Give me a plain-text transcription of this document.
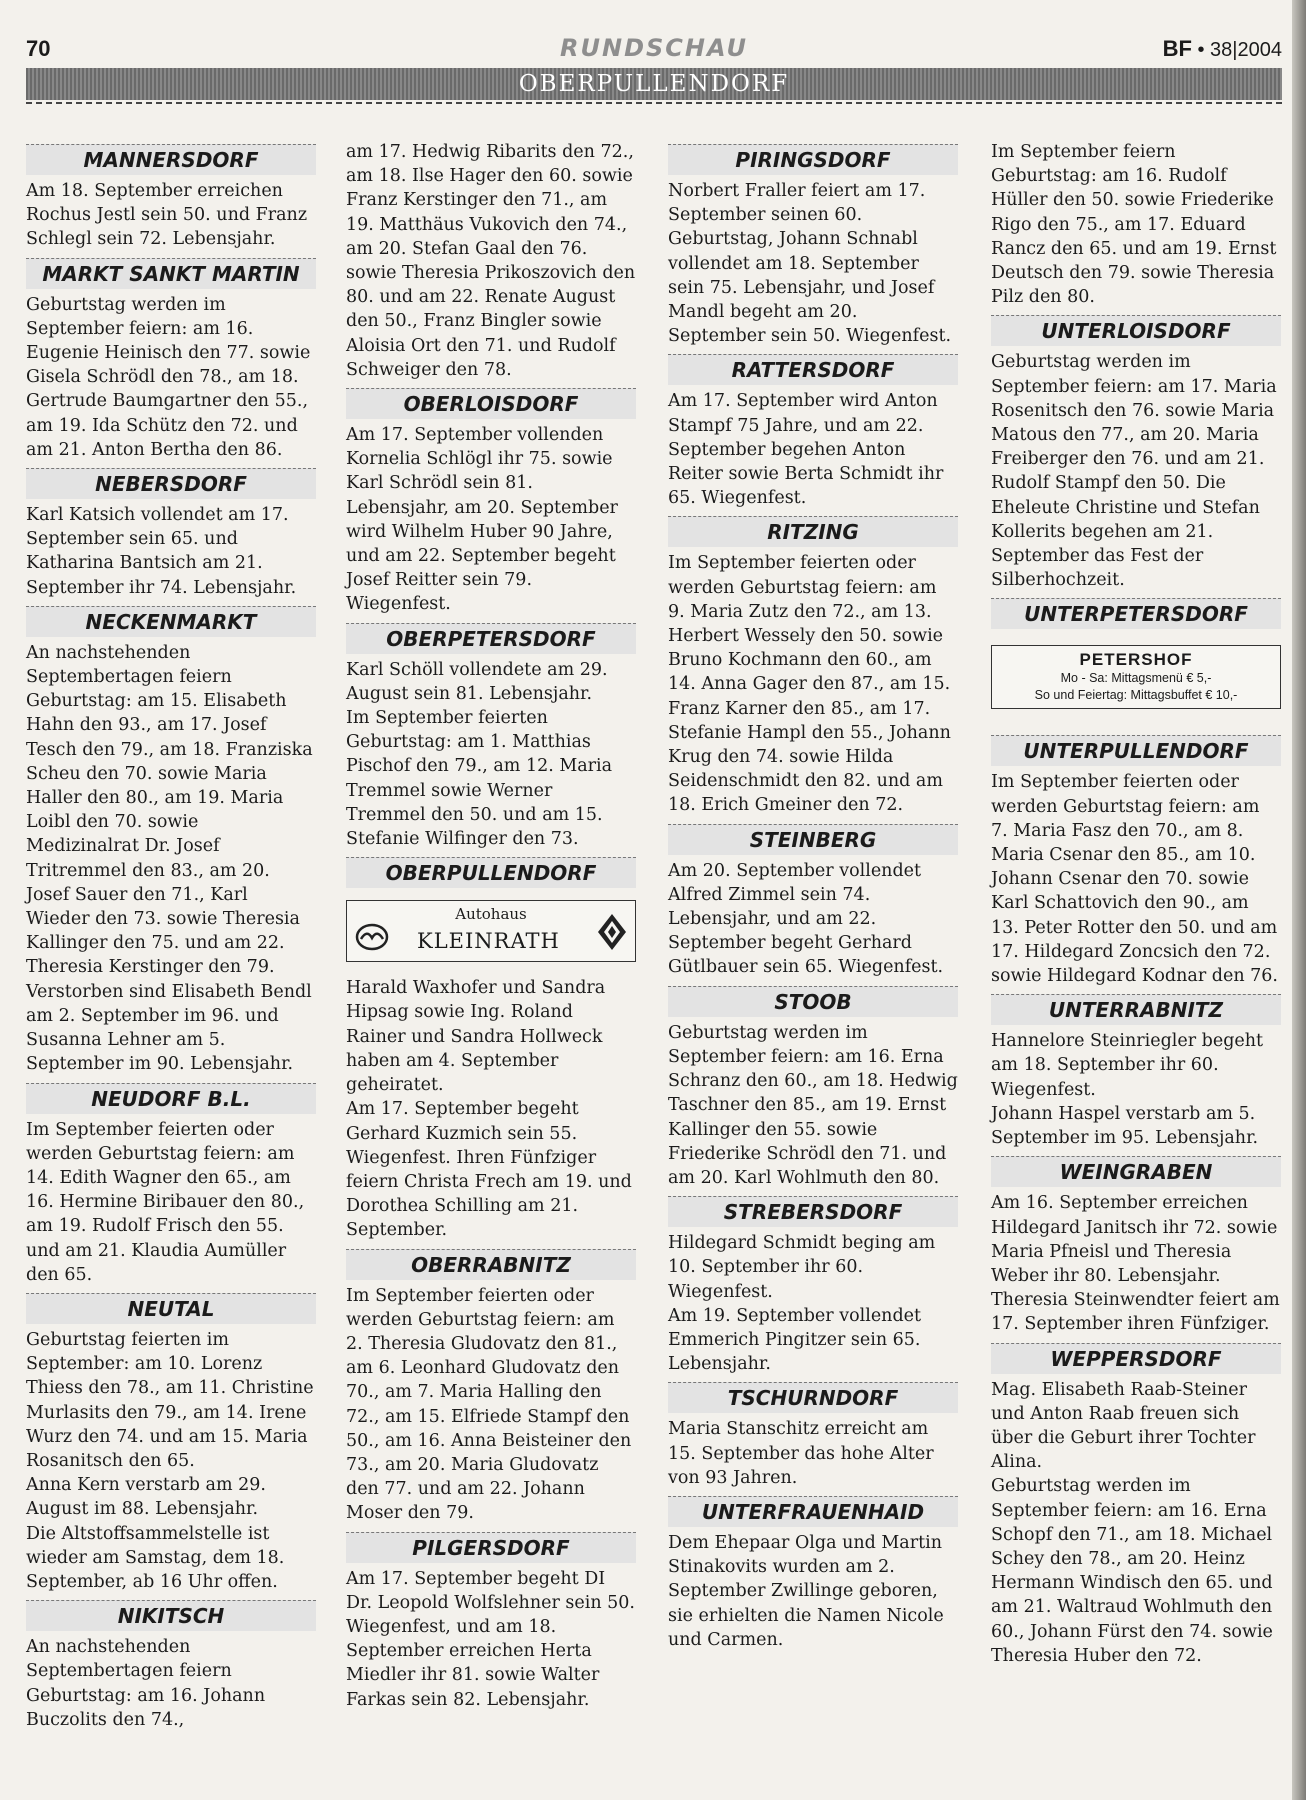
70	RUNDSCHAU	BF • 38|2004
OBERPULLENDORF
MANNERSDORF

Am 18. September erreichen Rochus Jestl sein 50. und Franz Schlegl sein 72. Lebensjahr.

MARKT SANKT MARTIN

Geburtstag werden im September feiern: am 16. Eugenie Heinisch den 77. sowie Gisela Schrödl den 78., am 18. Gertrude Baumgartner den 55., am 19. Ida Schütz den 72. und am 21. Anton Bertha den 86.

NEBERSDORF

Karl Katsich vollendet am 17. September sein 65. und Katharina Bantsich am 21. September ihr 74. Lebensjahr.

NECKENMARKT

An nachstehenden Septembertagen feiern Geburtstag: am 15. Elisabeth Hahn den 93., am 17. Josef Tesch den 79., am 18. Franziska Scheu den 70. sowie Maria Haller den 80., am 19. Maria Loibl den 70. sowie Medizinalrat Dr. Josef Tritremmel den 83., am 20. Josef Sauer den 71., Karl Wieder den 73. sowie Theresia Kallinger den 75. und am 22. Theresia Kerstinger den 79. Verstorben sind Elisabeth Bendl am 2. September im 96. und Susanna Lehner am 5. September im 90. Lebensjahr.

NEUDORF B.L.

Im September feierten oder werden Geburtstag feiern: am 14. Edith Wagner den 65., am 16. Hermine Biribauer den 80., am 19. Rudolf Frisch den 55. und am 21. Klaudia Aumüller den 65.

NEUTAL

Geburtstag feierten im September: am 10. Lorenz Thiess den 78., am 11. Christine Murlasits den 79., am 14. Irene Wurz den 74. und am 15. Maria Rosanitsch den 65.

Anna Kern verstarb am 29. August im 88. Lebensjahr.

Die Altstoffsammelstelle ist wieder am Samstag, dem 18. September, ab 16 Uhr offen.

NIKITSCH

An nachstehenden Septembertagen feiern Geburtstag: am 16. Johann Buczolits den 74.,

am 17. Hedwig Ribarits den 72., am 18. Ilse Hager den 60. sowie Franz Kerstinger den 71., am 19. Matthäus Vukovich den 74., am 20. Stefan Gaal den 76. sowie Theresia Prikoszovich den 80. und am 22. Renate August den 50., Franz Bingler sowie Aloisia Ort den 71. und Rudolf Schweiger den 78.

OBERLOISDORF

Am 17. September vollenden Kornelia Schlögl ihr 75. sowie Karl Schrödl sein 81. Lebensjahr, am 20. September wird Wilhelm Huber 90 Jahre, und am 22. September begeht Josef Reitter sein 79. Wiegenfest.

OBERPETERSDORF

Karl Schöll vollendete am 29. August sein 81. Lebensjahr.

Im September feierten Geburtstag: am 1. Matthias Pischof den 79., am 12. Maria Tremmel sowie Werner Tremmel den 50. und am 15. Stefanie Wilfinger den 73.

OBERPULLENDORF
Autohaus
KLEINRATH

Harald Waxhofer und Sandra Hipsag sowie Ing. Roland Rainer und Sandra Hollweck haben am 4. September geheiratet.

Am 17. September begeht Gerhard Kuzmich sein 55. Wiegenfest. Ihren Fünfziger feiern Christa Frech am 19. und Dorothea Schilling am 21. September.

OBERRABNITZ

Im September feierten oder werden Geburtstag feiern: am 2. Theresia Gludovatz den 81., am 6. Leonhard Gludovatz den 70., am 7. Maria Halling den 72., am 15. Elfriede Stampf den 50., am 16. Anna Beisteiner den 73., am 20. Maria Gludovatz den 77. und am 22. Johann Moser den 79.

PILGERSDORF

Am 17. September begeht DI Dr. Leopold Wolfslehner sein 50. Wiegenfest, und am 18. September erreichen Herta Miedler ihr 81. sowie Walter Farkas sein 82. Lebensjahr.

PIRINGSDORF

Norbert Fraller feiert am 17. September seinen 60. Geburtstag, Johann Schnabl vollendet am 18. September sein 75. Lebensjahr, und Josef Mandl begeht am 20. September sein 50. Wiegenfest.

RATTERSDORF

Am 17. September wird Anton Stampf 75 Jahre, und am 22. September begehen Anton Reiter sowie Berta Schmidt ihr 65. Wiegenfest.

RITZING

Im September feierten oder werden Geburtstag feiern: am 9. Maria Zutz den 72., am 13. Herbert Wessely den 50. sowie Bruno Kochmann den 60., am 14. Anna Gager den 87., am 15. Franz Karner den 85., am 17. Stefanie Hampl den 55., Johann Krug den 74. sowie Hilda Seidenschmidt den 82. und am 18. Erich Gmeiner den 72.

STEINBERG

Am 20. September vollendet Alfred Zimmel sein 74. Lebensjahr, und am 22. September begeht Gerhard Gütlbauer sein 65. Wiegenfest.

STOOB

Geburtstag werden im September feiern: am 16. Erna Schranz den 60., am 18. Hedwig Taschner den 85., am 19. Ernst Kallinger den 55. sowie Friederike Schrödl den 71. und am 20. Karl Wohlmuth den 80.

STREBERSDORF

Hildegard Schmidt beging am 10. September ihr 60. Wiegenfest.

Am 19. September vollendet Emmerich Pingitzer sein 65. Lebensjahr.

TSCHURNDORF

Maria Stanschitz erreicht am 15. September das hohe Alter von 93 Jahren.

UNTERFRAUENHAID

Dem Ehepaar Olga und Martin Stinakovits wurden am 2. September Zwillinge geboren, sie erhielten die Namen Nicole und Carmen.

Im September feiern Geburtstag: am 16. Rudolf Hüller den 50. sowie Friederike Rigo den 75., am 17. Eduard Rancz den 65. und am 19. Ernst Deutsch den 79. sowie Theresia Pilz den 80.

UNTERLOISDORF

Geburtstag werden im September feiern: am 17. Maria Rosenitsch den 76. sowie Maria Matous den 77., am 20. Maria Freiberger den 76. und am 21. Rudolf Stampf den 50. Die Eheleute Christine und Stefan Kollerits begehen am 21. September das Fest der Silberhochzeit.

UNTERPETERSDORF
PETERSHOF
Mo - Sa: Mittagsmenü € 5,-
So und Feiertag: Mittagsbuffet € 10,-
UNTERPULLENDORF

Im September feierten oder werden Geburtstag feiern: am 7. Maria Fasz den 70., am 8. Maria Csenar den 85., am 10. Johann Csenar den 70. sowie Karl Schattovich den 90., am 13. Peter Rotter den 50. und am 17. Hildegard Zoncsich den 72. sowie Hildegard Kodnar den 76.

UNTERRABNITZ

Hannelore Steinriegler begeht am 18. September ihr 60. Wiegenfest.

Johann Haspel verstarb am 5. September im 95. Lebensjahr.

WEINGRABEN

Am 16. September erreichen Hildegard Janitsch ihr 72. sowie Maria Pfneisl und Theresia Weber ihr 80. Lebensjahr. Theresia Steinwendter feiert am 17. September ihren Fünfziger.

WEPPERSDORF

Mag. Elisabeth Raab-Steiner und Anton Raab freuen sich über die Geburt ihrer Tochter Alina.

Geburtstag werden im September feiern: am 16. Erna Schopf den 71., am 18. Michael Schey den 78., am 20. Heinz Hermann Windisch den 65. und am 21. Waltraud Wohlmuth den 60., Johann Fürst den 74. sowie Theresia Huber den 72.
